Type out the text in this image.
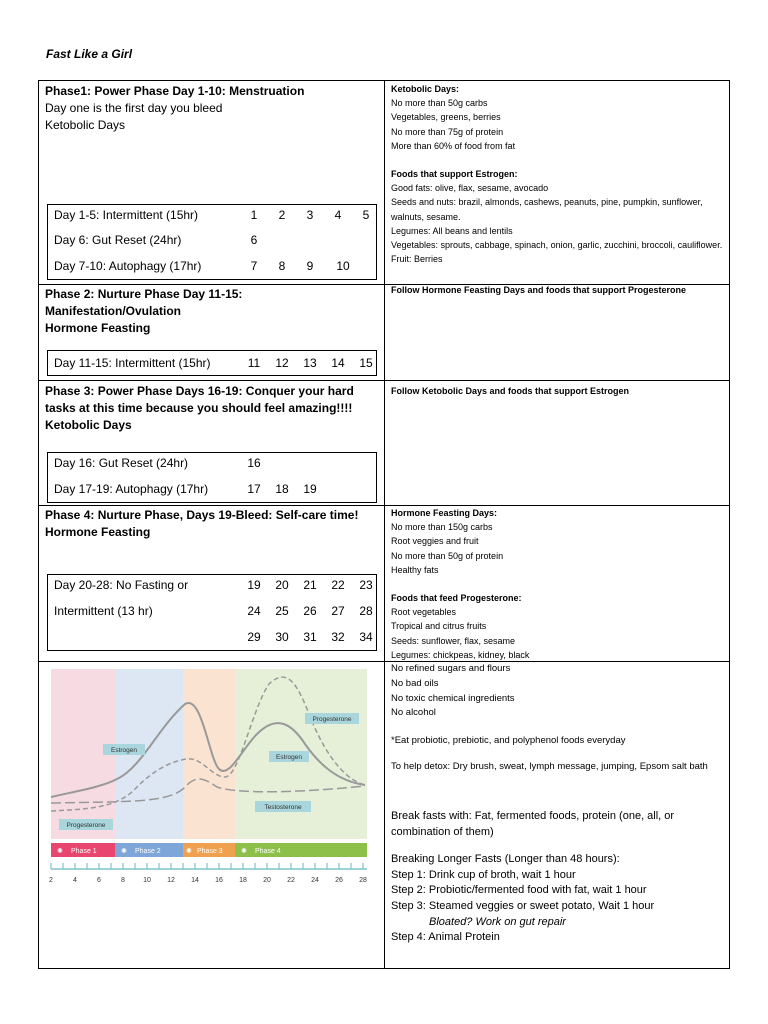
Fast Like a Girl
Phase1: Power Phase Day 1-10: Menstruation
Day one is the first day you bleed
Ketobolic Days
Day 1-5: Intermittent (15hr)	1	2	3	4	5
Day 6: Gut Reset (24hr)	6
Day 7-10: Autophagy (17hr)	7	8	9	10
Ketobolic Days:
No more than 50g carbs
Vegetables, greens, berries
No more than 75g of protein
More than 60% of food from fat
Foods that support Estrogen:
Good fats: olive, flax, sesame, avocado
Seeds and nuts: brazil, almonds, cashews, peanuts, pine, pumpkin, sunflower, walnuts, sesame.
Legumes: All beans and lentils
Vegetables: sprouts, cabbage, spinach, onion, garlic, zucchini, broccoli, cauliflower.
Fruit: Berries
Phase 2: Nurture Phase Day 11-15: Manifestation/Ovulation
Hormone Feasting
Day 11-15: Intermittent (15hr)	11	12 13 14 15
Follow Hormone Feasting Days and foods that support Progesterone
Phase 3: Power Phase Days 16-19: Conquer your hard tasks at this time because you should feel amazing!!!!
Ketobolic Days
Day 16: Gut Reset (24hr)	16
Day 17-19: Autophagy (17hr)	17 18 19
Follow Ketobolic Days and foods that support Estrogen
Phase 4: Nurture Phase, Days 19-Bleed: Self-care time!
Hormone Feasting
Day 20-28: No Fasting or	19 20 21 22 23
Intermittent (13 hr)	24 25 26 27 28
29 30 31 32 34
Hormone Feasting Days:
No more than 150g carbs
Root veggies and fruit
No more than 50g of protein
Healthy fats
Foods that feed Progesterone:
Root vegetables
Tropical and citrus fruits
Seeds: sunflower, flax, sesame
Legumes: chickpeas, kidney, black
Estrogen
Estrogen
Progesterone
Progesterone
Testosterone
✺ Phase 1	✺ Phase 2	✺ Phase 3	✺ Phase 4
2	4	6	8	10 12 14 16 18 20 22 24 26 28
No refined sugars and flours
No bad oils
No toxic chemical ingredients
No alcohol
*Eat probiotic, prebiotic, and polyphenol foods everyday
To help detox: Dry brush, sweat, lymph message, jumping, Epsom salt bath
Break fasts with: Fat, fermented foods, protein (one, all, or combination of them)
Breaking Longer Fasts (Longer than 48 hours):
Step 1: Drink cup of broth, wait 1 hour
Step 2: Probiotic/fermented food with fat, wait 1 hour
Step 3: Steamed veggies or sweet potato, Wait 1 hour
Bloated? Work on gut repair
Step 4: Animal Protein
